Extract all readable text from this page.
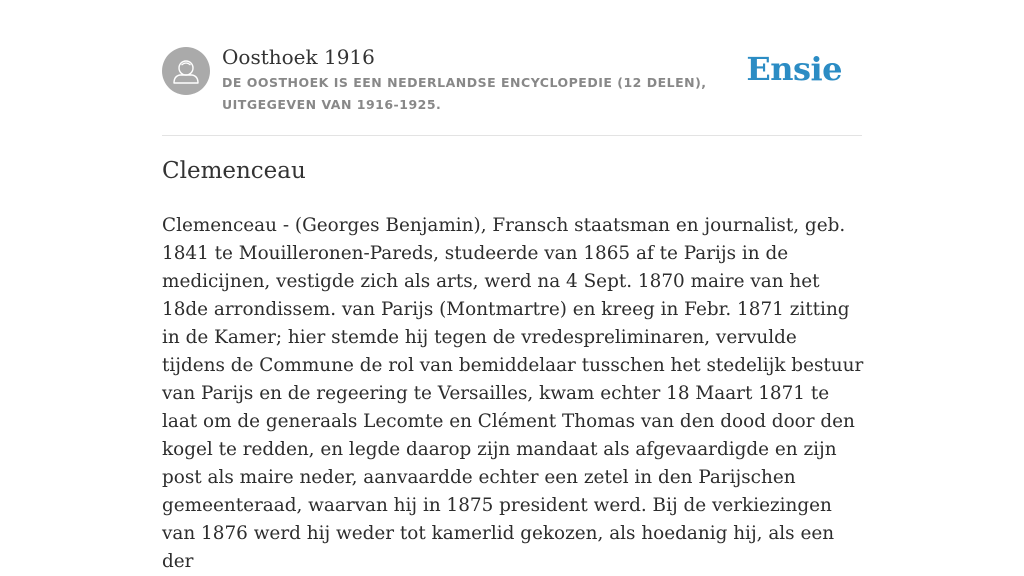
Oosthoek 1916
DE OOSTHOEK IS EEN NEDERLANDSE ENCYCLOPEDIE (12 DELEN), UITGEGEVEN VAN 1916-1925.
Ensie
Clemenceau

Clemenceau - (Georges Benjamin), Fransch staatsman en journalist, geb. 1841 te Mouilleronen-Pareds, studeerde van 1865 af te Parijs in de medicijnen, vestigde zich als arts, werd na 4 Sept. 1870 maire van het 18de arrondissem. van Parijs (Montmartre) en kreeg in Febr. 1871 zitting in de Kamer; hier stemde hij tegen de vredespreliminaren, vervulde tijdens de Commune de rol van bemiddelaar tusschen het stedelijk bestuur van Parijs en de regeering te Versailles, kwam echter 18 Maart 1871 te laat om de generaals Lecomte en Clément Thomas van den dood door den kogel te redden, en legde daarop zijn mandaat als afgevaardigde en zijn post als maire neder, aanvaardde echter een zetel in den Parijschen gemeenteraad, waarvan hij in 1875 president werd. Bij de verkiezingen van 1876 werd hij weder tot kamerlid gekozen, als hoedanig hij, als een der
